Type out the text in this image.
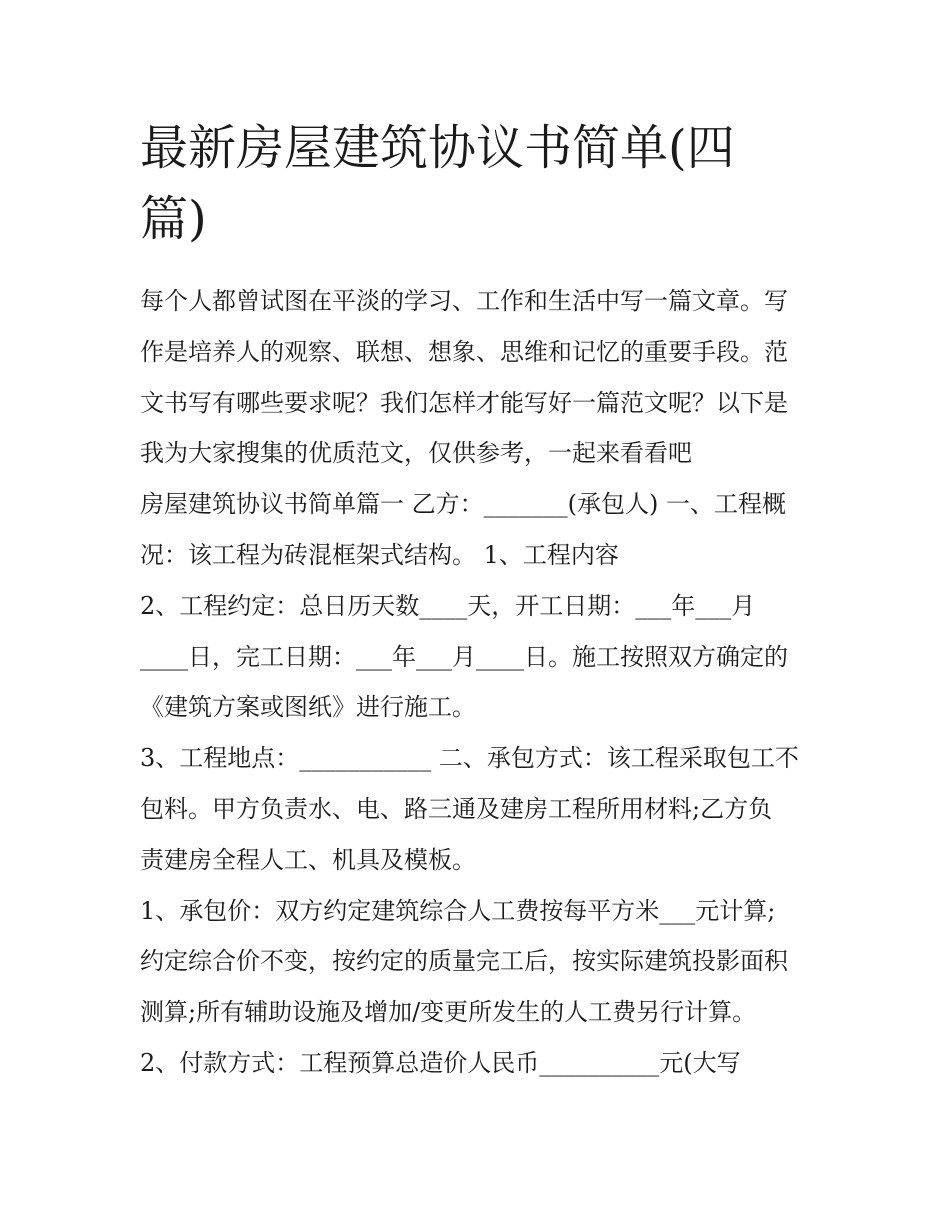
最新房屋建筑协议书简单(四
篇)
每个人都曾试图在平淡的学习、工作和生活中写一篇文章。写
作是培养人的观察、联想、想象、思维和记忆的重要手段。范
文书写有哪些要求呢？我们怎样才能写好一篇范文呢？以下是
我为大家搜集的优质范文，仅供参考，一起来看看吧
房屋建筑协议书简单篇一 乙方：_______(承包人) 一、工程概
况：该工程为砖混框架式结构。 1、工程内容
2、工程约定：总日历天数____天，开工日期：___年___月
____日，完工日期：___年___月____日。施工按照双方确定的
《建筑方案或图纸》进行施工。
3、工程地点：___________ 二、承包方式：该工程采取包工不
包料。甲方负责水、电、路三通及建房工程所用材料;乙方负
责建房全程人工、机具及模板。
1、承包价：双方约定建筑综合人工费按每平方米___元计算;
约定综合价不变，按约定的质量完工后，按实际建筑投影面积
测算;所有辅助设施及增加/变更所发生的人工费另行计算。
2、付款方式：工程预算总造价人民币__________元(大写
